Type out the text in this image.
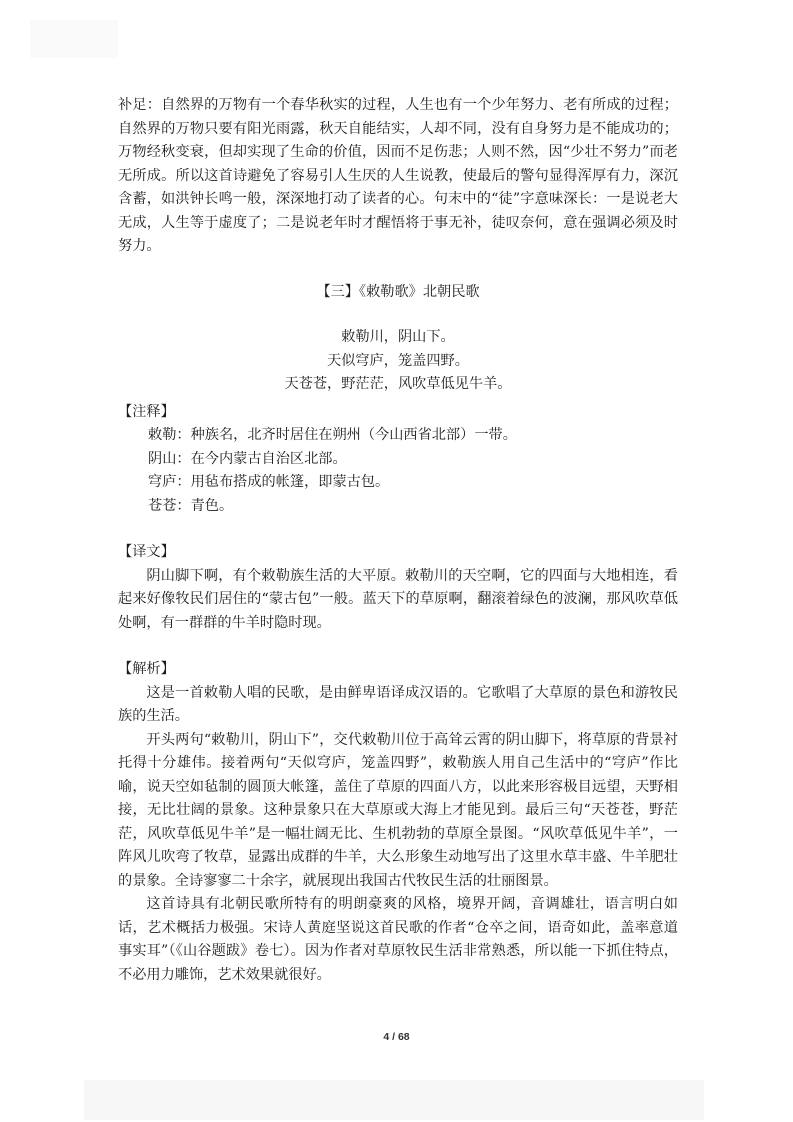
补足：自然界的万物有一个春华秋实的过程，人生也有一个少年努力、老有所成的过程；自然界的万物只要有阳光雨露，秋天自能结实，人却不同，没有自身努力是不能成功的；万物经秋变衰，但却实现了生命的价值，因而不足伤悲；人则不然，因“少壮不努力”而老无所成。所以这首诗避免了容易引人生厌的人生说教，使最后的警句显得浑厚有力，深沉含蓄，如洪钟长鸣一般，深深地打动了读者的心。句末中的“徒”字意味深长：一是说老大无成，人生等于虚度了；二是说老年时才醒悟将于事无补，徒叹奈何，意在强调必须及时努力。

【三】《敕勒歌》北朝民歌

敕勒川，阴山下。

天似穹庐，笼盖四野。

天苍苍，野茫茫，风吹草低见牛羊。

【注释】

敕勒：种族名，北齐时居住在朔州（今山西省北部）一带。

阴山：在今内蒙古自治区北部。

穹庐：用毡布搭成的帐篷，即蒙古包。

苍苍：青色。

【译文】

阴山脚下啊，有个敕勒族生活的大平原。敕勒川的天空啊，它的四面与大地相连，看起来好像牧民们居住的“蒙古包”一般。蓝天下的草原啊，翻滚着绿色的波澜，那风吹草低处啊，有一群群的牛羊时隐时现。

【解析】

这是一首敕勒人唱的民歌，是由鲜卑语译成汉语的。它歌唱了大草原的景色和游牧民族的生活。

开头两句“敕勒川，阴山下”，交代敕勒川位于高耸云霄的阴山脚下，将草原的背景衬托得十分雄伟。接着两句“天似穹庐，笼盖四野”，敕勒族人用自己生活中的“穹庐”作比喻，说天空如毡制的圆顶大帐篷，盖住了草原的四面八方，以此来形容极目远望，天野相接，无比壮阔的景象。这种景象只在大草原或大海上才能见到。最后三句“天苍苍，野茫茫，风吹草低见牛羊”是一幅壮阔无比、生机勃勃的草原全景图。“风吹草低见牛羊”，一阵风儿吹弯了牧草，显露出成群的牛羊，大么形象生动地写出了这里水草丰盛、牛羊肥壮的景象。全诗寥寥二十余字，就展现出我国古代牧民生活的壮丽图景。

这首诗具有北朝民歌所特有的明朗豪爽的风格，境界开阔，音调雄壮，语言明白如话，艺术概括力极强。宋诗人黄庭坚说这首民歌的作者“仓卒之间，语奇如此，盖率意道事实耳”（《山谷题跋》卷七）。因为作者对草原牧民生活非常熟悉，所以能一下抓住特点，不必用力雕饰，艺术效果就很好。

4 / 68
